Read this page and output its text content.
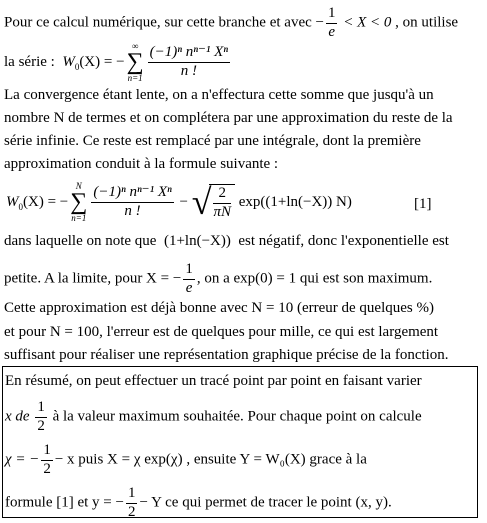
Pour ce calcul numérique, sur cette branche et avec − $\frac{1}{e} < X < 0$ , on utilise
la série : $W_0(X)$ = −
∞
∑
$n=1 \frac{\text{(−1)ⁿ nⁿ⁻¹ Xⁿ}}{n !}$
La convergence étant lente, on a n'effectura cette somme que jusqu'à un
nombre N de termes et on complétera par une approximation du reste de la
série infinie. Ce reste est remplacé par une intégrale, dont la première
approximation conduit à la formule suivante :
$W_0(X)$ = −
N
∑
$n=1 \frac{\text{(−1)ⁿ nⁿ⁻¹ Xⁿ}}{n !}$ − √ $\frac{2}{\pi N} \exp((1+\ln(-X))$ N)	[1]
dans laquelle on note que (1+ln(−X)) est négatif, donc l'exponentielle est
petite. A la limite, pour X = − $\frac{1}{e}$ , on a exp(0) = 1 qui est son maximum.
Cette approximation est déjà bonne avec N = 10 (erreur de quelques %)
et pour N = 100, l'erreur est de quelques pour mille, ce qui est largement
suffisant pour réaliser une représentation graphique précise de la fonction.
En résumé, on peut effectuer un tracé point par point en faisant varier
x de $\frac{1}{2}$ à la valeur maximum souhaitée. Pour chaque point on calcule
χ = − $\frac{1}{2} - x$ puis X = χ exp(χ) , ensuite Y = W₀(X) grace à la
formule [1] et y = − $\frac{1}{2} - Y$ ce qui permet de tracer le point (x, y).
